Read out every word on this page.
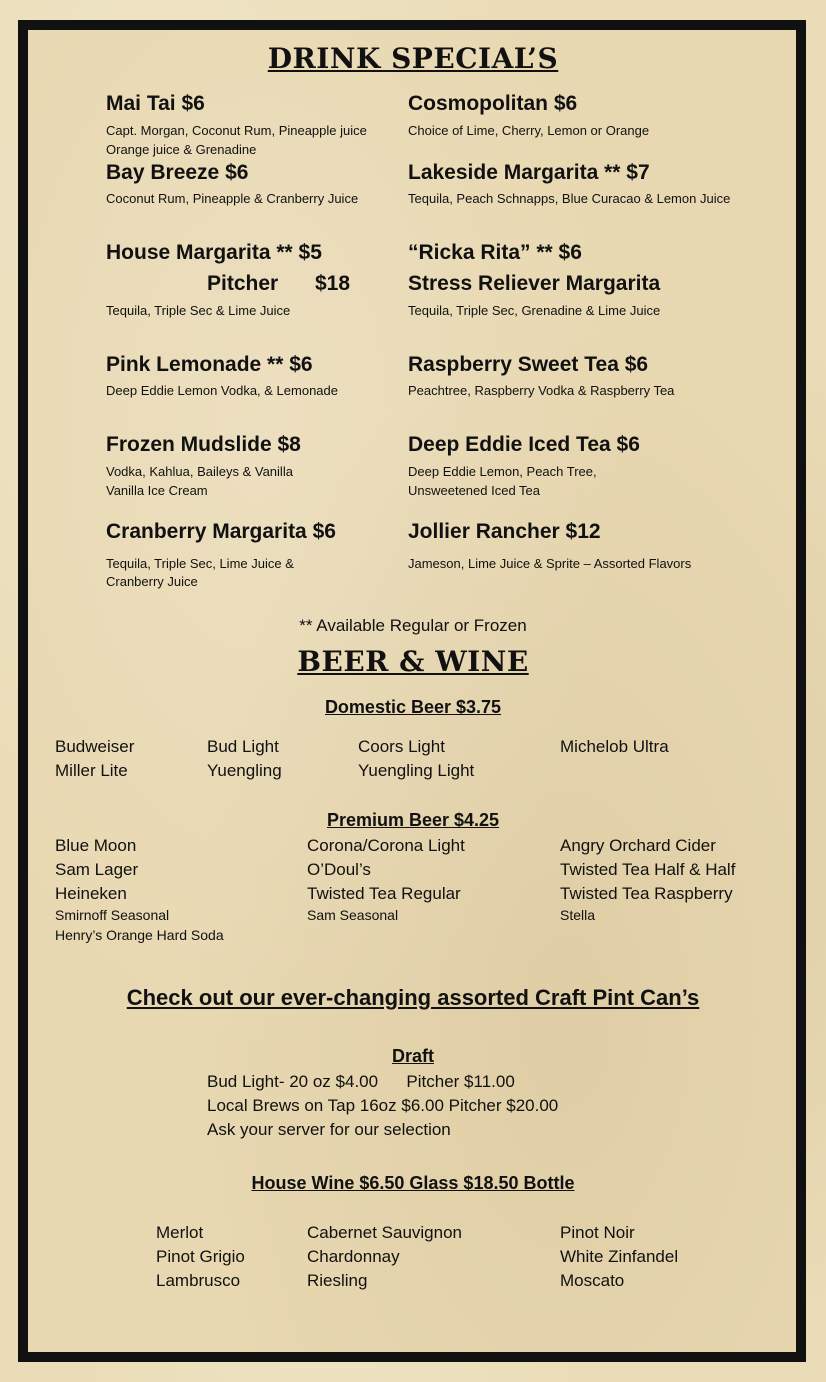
DRINK SPECIAL’S
Mai Tai $6
Capt. Morgan, Coconut Rum, Pineapple juice
Orange juice & Grenadine
Cosmopolitan $6
Choice of Lime, Cherry, Lemon or Orange
Bay Breeze $6
Coconut Rum, Pineapple & Cranberry Juice
Lakeside Margarita ** $7
Tequila, Peach Schnapps, Blue Curacao & Lemon Juice
House Margarita ** $5
Pitcher $18
Tequila, Triple Sec & Lime Juice
“Ricka Rita” ** $6
Stress Reliever Margarita
Tequila, Triple Sec, Grenadine & Lime Juice
Pink Lemonade ** $6
Deep Eddie Lemon Vodka, & Lemonade
Raspberry Sweet Tea $6
Peachtree, Raspberry Vodka & Raspberry Tea
Frozen Mudslide $8
Vodka, Kahlua, Baileys & Vanilla
Vanilla Ice Cream
Deep Eddie Iced Tea $6
Deep Eddie Lemon, Peach Tree,
Unsweetened Iced Tea
Cranberry Margarita $6
Tequila, Triple Sec, Lime Juice &
Cranberry Juice
Jollier Rancher $12
Jameson, Lime Juice & Sprite – Assorted Flavors
** Available Regular or Frozen
BEER & WINE
Domestic Beer $3.75
Budweiser	Bud Light	Coors Light	Michelob Ultra
Miller Lite	Yuengling	Yuengling Light
Premium Beer $4.25
Blue Moon	Corona/Corona Light	Angry Orchard Cider
Sam Lager	O’Doul’s	Twisted Tea Half & Half
Heineken	Twisted Tea Regular	Twisted Tea Raspberry
Smirnoff Seasonal	Sam Seasonal	Stella
Henry’s Orange Hard Soda
Check out our ever-changing assorted Craft Pint Can’s
Draft
Bud Light- 20 oz $4.00      Pitcher $11.00
Local Brews on Tap 16oz $6.00 Pitcher $20.00
Ask your server for our selection
House Wine $6.50 Glass $18.50 Bottle
Merlot	Cabernet Sauvignon	Pinot Noir
Pinot Grigio	Chardonnay	White Zinfandel
Lambrusco	Riesling	Moscato
